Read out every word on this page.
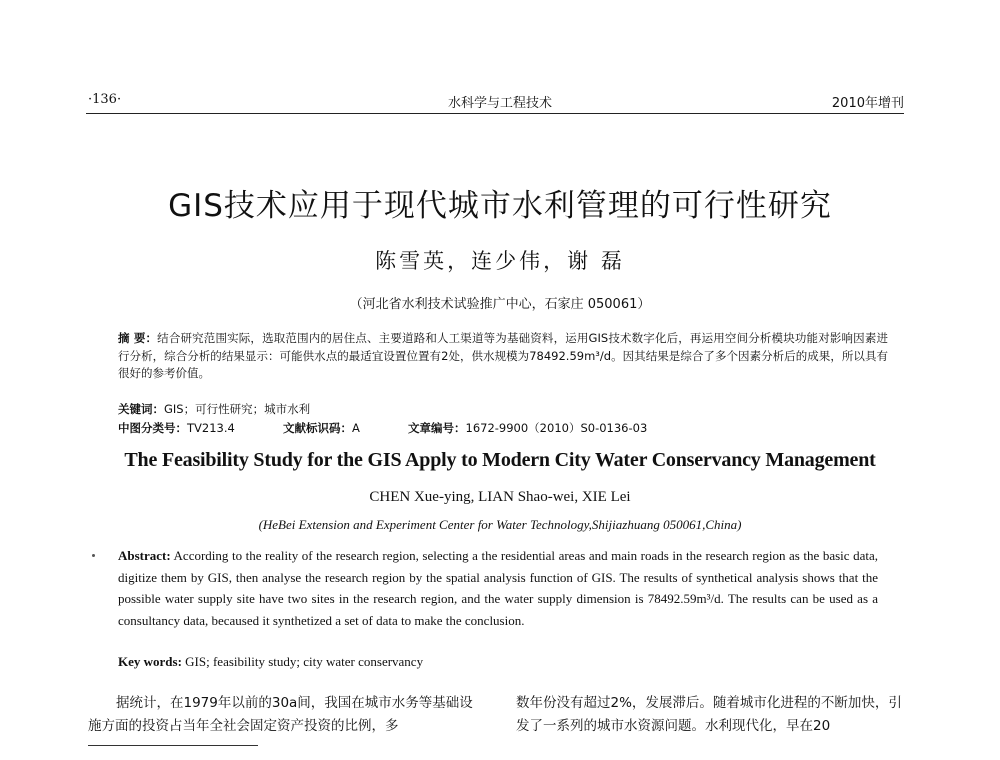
·136·	水科学与工程技术	2010年增刊
GIS技术应用于现代城市水利管理的可行性研究
陈雪英，连少伟，谢 磊
（河北省水利技术试验推广中心，石家庄 050061）
摘 要：结合研究范围实际，选取范围内的居住点、主要道路和人工渠道等为基础资料，运用GIS技术数字化后，再运用空间分析模块功能对影响因素进行分析，综合分析的结果显示：可能供水点的最适宜设置位置有2处，供水规模为78492.59m³/d。因其结果是综合了多个因素分析后的成果，所以具有很好的参考价值。
关键词：GIS；可行性研究；城市水利
中图分类号：TV213.4	文献标识码：A	文章编号：1672-9900（2010）S0-0136-03
The Feasibility Study for the GIS Apply to Modern City Water Conservancy Management
CHEN Xue-ying, LIAN Shao-wei, XIE Lei
(HeBei Extension and Experiment Center for Water Technology,Shijiazhuang 050061,China)
Abstract: According to the reality of the research region, selecting a the residential areas and main roads in the research region as the basic data, digitize them by GIS, then analyse the research region by the spatial analysis function of GIS. The results of synthetical analysis shows that the possible water supply site have two sites in the research region, and the water supply dimension is 78492.59m³/d. The results can be used as a consultancy data, becaused it synthetized a set of data to make the conclusion.
Key words: GIS; feasibility study; city water conservancy
据统计，在1979年以前的30a间，我国在城市水务等基础设施方面的投资占当年全社会固定资产投资的比例，多
数年份没有超过2%，发展滞后。随着城市化进程的不断加快，引发了一系列的城市水资源问题。水利现代化，早在20
